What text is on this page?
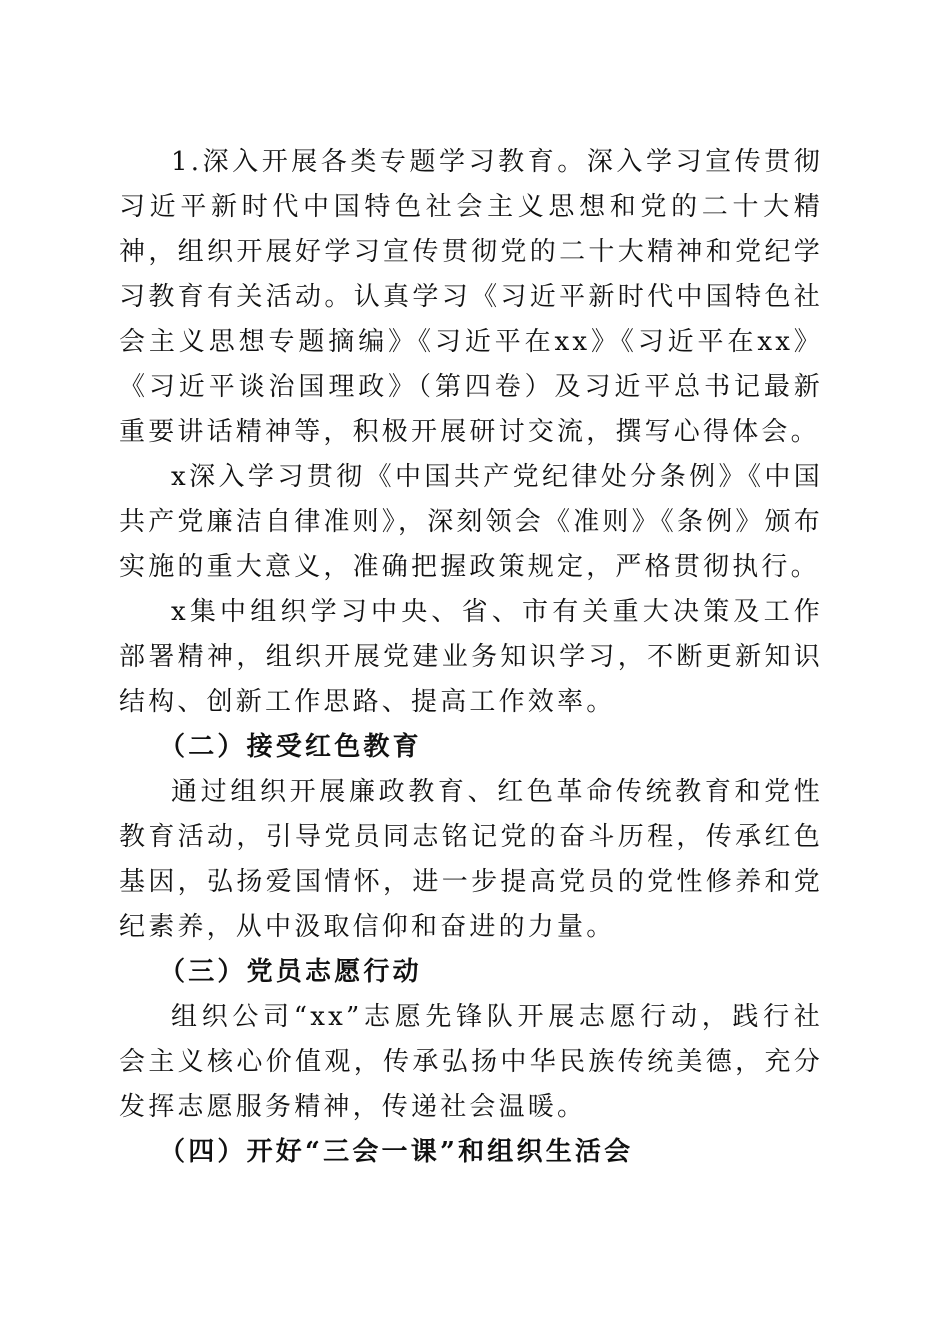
1.深入开展各类专题学习教育。深入学习宣传贯彻习近平新时代中国特色社会主义思想和党的二十大精神，组织开展好学习宣传贯彻党的二十大精神和党纪学习教育有关活动。认真学习《习近平新时代中国特色社会主义思想专题摘编》《习近平在xx》《习近平在xx》《习近平谈治国理政》（第四卷）及习近平总书记最新重要讲话精神等，积极开展研讨交流，撰写心得体会。

x深入学习贯彻《中国共产党纪律处分条例》《中国共产党廉洁自律准则》，深刻领会《准则》《条例》颁布实施的重大意义，准确把握政策规定，严格贯彻执行。

x集中组织学习中央、省、市有关重大决策及工作部署精神，组织开展党建业务知识学习，不断更新知识结构、创新工作思路、提高工作效率。

（二）接受红色教育

通过组织开展廉政教育、红色革命传统教育和党性教育活动，引导党员同志铭记党的奋斗历程，传承红色基因，弘扬爱国情怀，进一步提高党员的党性修养和党纪素养，从中汲取信仰和奋进的力量。

（三）党员志愿行动

组织公司“xx”志愿先锋队开展志愿行动，践行社会主义核心价值观，传承弘扬中华民族传统美德，充分发挥志愿服务精神，传递社会温暖。

（四）开好“三会一课”和组织生活会
